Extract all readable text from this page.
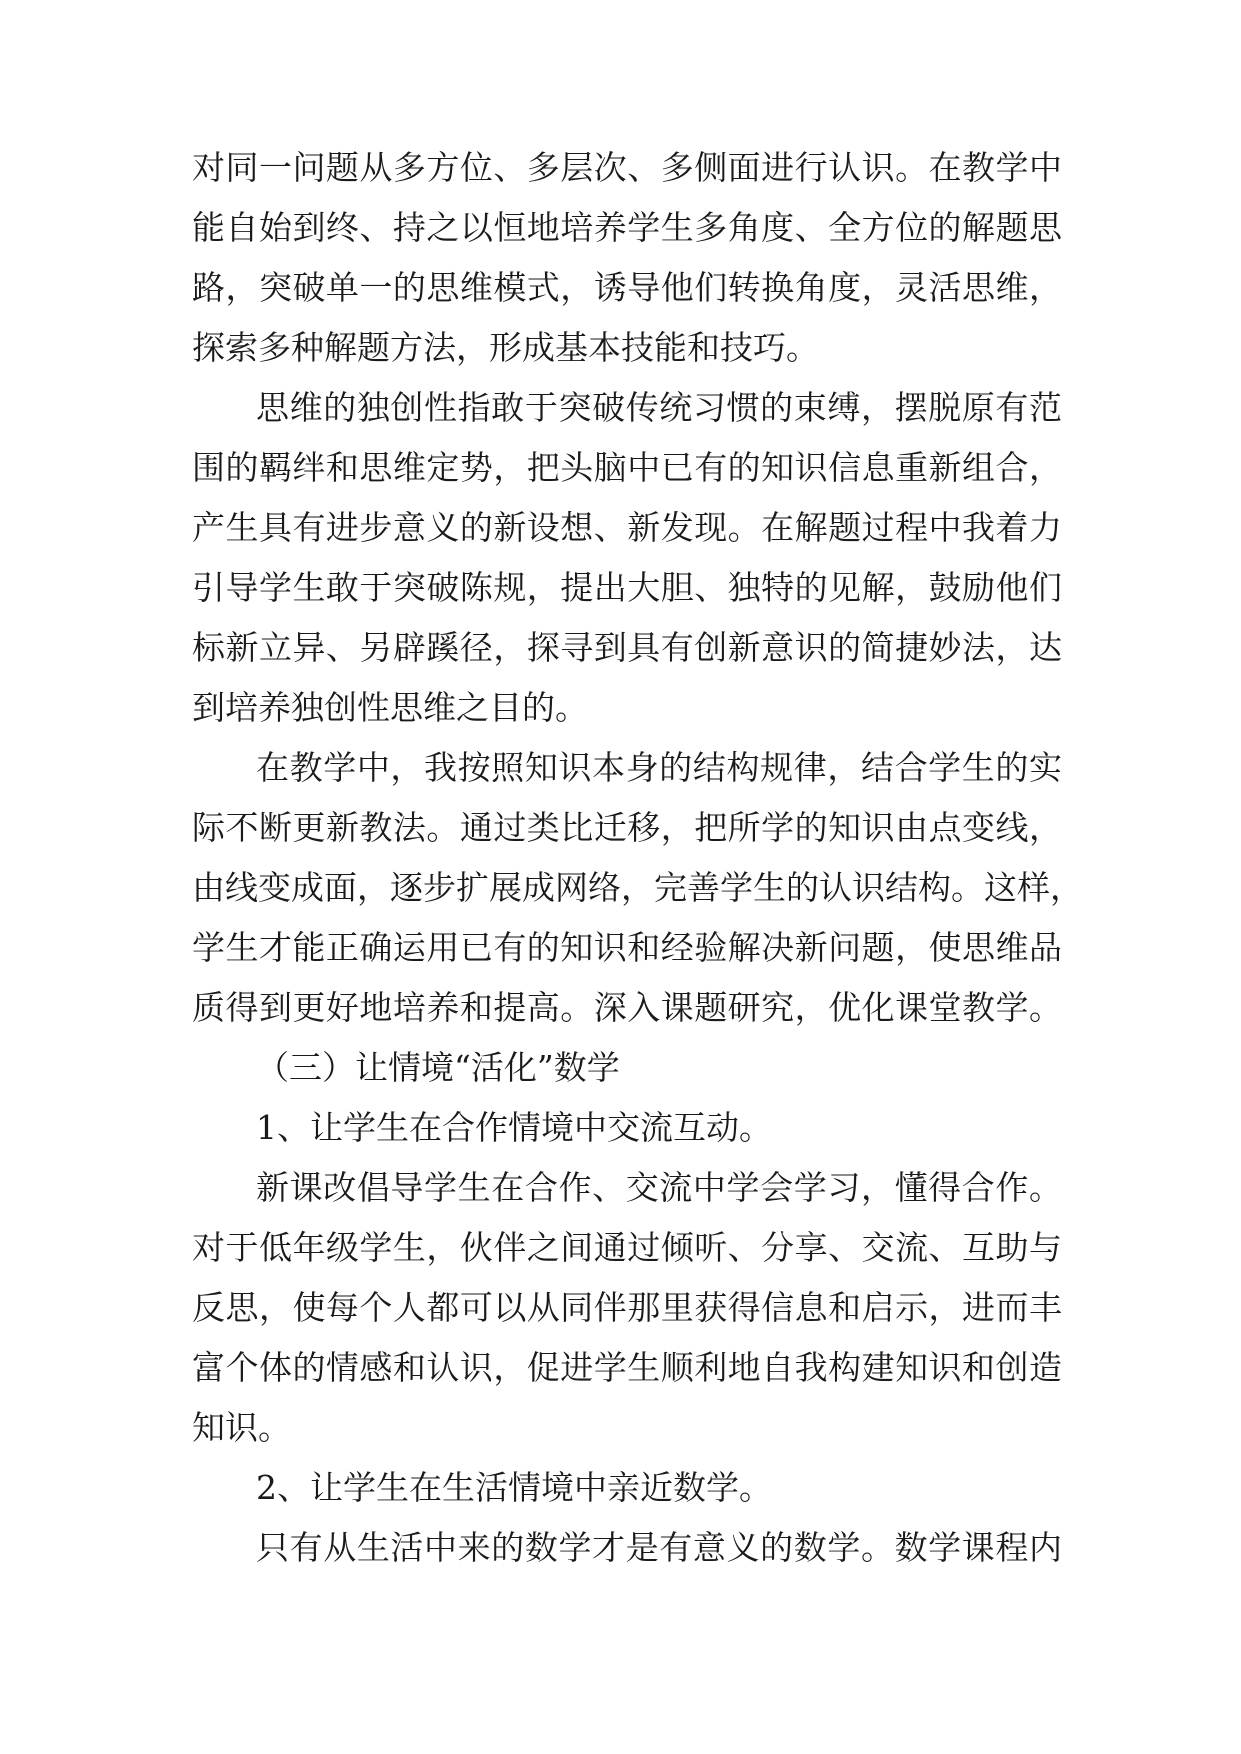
对同一问题从多方位、多层次、多侧面进行认识。在教学中
能自始到终、持之以恒地培养学生多角度、全方位的解题思
路，突破单一的思维模式，诱导他们转换角度，灵活思维，
探索多种解题方法，形成基本技能和技巧。
思维的独创性指敢于突破传统习惯的束缚，摆脱原有范
围的羁绊和思维定势，把头脑中已有的知识信息重新组合，
产生具有进步意义的新设想、新发现。在解题过程中我着力
引导学生敢于突破陈规，提出大胆、独特的见解，鼓励他们
标新立异、另辟蹊径，探寻到具有创新意识的简捷妙法，达
到培养独创性思维之目的。
在教学中，我按照知识本身的结构规律，结合学生的实
际不断更新教法。通过类比迁移，把所学的知识由点变线，
由线变成面，逐步扩展成网络，完善学生的认识结构。这样，
学生才能正确运用已有的知识和经验解决新问题，使思维品
质得到更好地培养和提高。深入课题研究，优化课堂教学。
（三）让情境“活化”数学
1、让学生在合作情境中交流互动。
新课改倡导学生在合作、交流中学会学习，懂得合作。
对于低年级学生，伙伴之间通过倾听、分享、交流、互助与
反思，使每个人都可以从同伴那里获得信息和启示，进而丰
富个体的情感和认识，促进学生顺利地自我构建知识和创造
知识。
2、让学生在生活情境中亲近数学。
只有从生活中来的数学才是有意义的数学。数学课程内
